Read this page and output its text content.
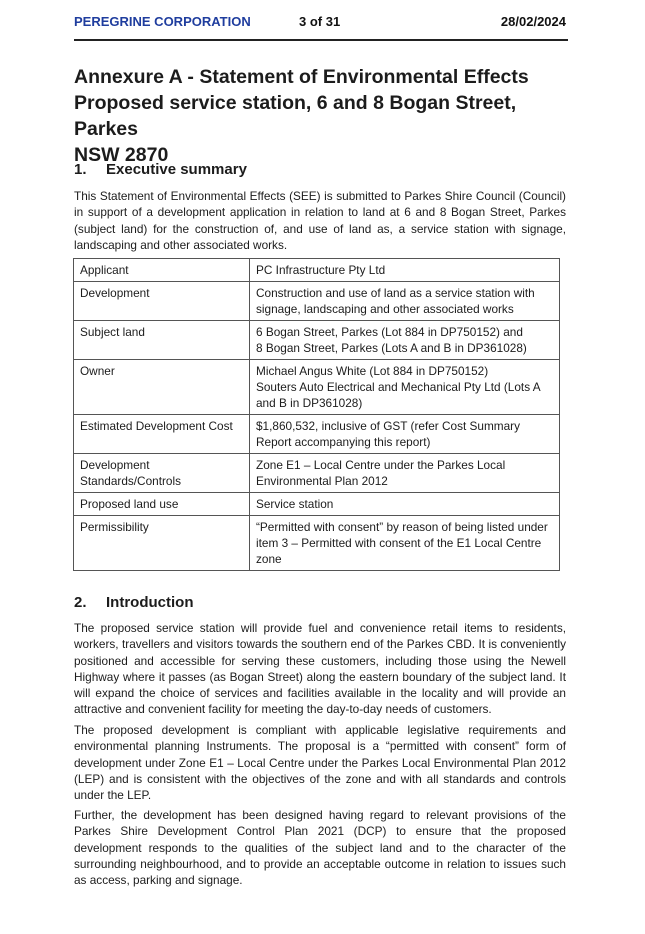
PEREGRINE CORPORATION	3 of 31	28/02/2024
Annexure A - Statement of Environmental Effects
Proposed service station, 6 and 8 Bogan Street, Parkes
NSW 2870
1. Executive summary
This Statement of Environmental Effects (SEE) is submitted to Parkes Shire Council (Council) in support of a development application in relation to land at 6 and 8 Bogan Street, Parkes (subject land) for the construction of, and use of land as, a service station with signage, landscaping and other associated works.
Applicant	PC Infrastructure Pty Ltd

Development	Construction and use of land as a service station with signage, landscaping and other associated works

Subject land	6 Bogan Street, Parkes (Lot 884 in DP750152) and
8 Bogan Street, Parkes (Lots A and B in DP361028)

Owner	Michael Angus White (Lot 884 in DP750152)
Souters Auto Electrical and Mechanical Pty Ltd (Lots A and B in DP361028)

Estimated Development Cost	$1,860,532, inclusive of GST (refer Cost Summary Report accompanying this report)

Development Standards/Controls	Zone E1 – Local Centre under the Parkes Local Environmental Plan 2012

Proposed land use	Service station

Permissibility	“Permitted with consent” by reason of being listed under item 3 – Permitted with consent of the E1 Local Centre zone
2. Introduction
The proposed service station will provide fuel and convenience retail items to residents, workers, travellers and visitors towards the southern end of the Parkes CBD. It is conveniently positioned and accessible for serving these customers, including those using the Newell Highway where it passes (as Bogan Street) along the eastern boundary of the subject land. It will expand the choice of services and facilities available in the locality and will provide an attractive and convenient facility for meeting the day-to-day needs of customers.
The proposed development is compliant with applicable legislative requirements and environmental planning Instruments. The proposal is a “permitted with consent” form of development under Zone E1 – Local Centre under the Parkes Local Environmental Plan 2012 (LEP) and is consistent with the objectives of the zone and with all standards and controls under the LEP.
Further, the development has been designed having regard to relevant provisions of the Parkes Shire Development Control Plan 2021 (DCP) to ensure that the proposed development responds to the qualities of the subject land and to the character of the surrounding neighbourhood, and to provide an acceptable outcome in relation to issues such as access, parking and signage.
